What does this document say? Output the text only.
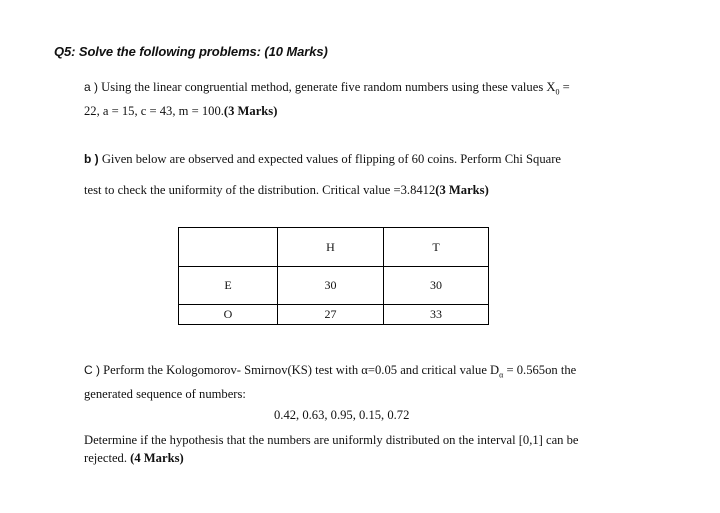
Q5: Solve the following problems: (10 Marks)
a ) Using the linear congruential method, generate five random numbers using these values $X_0$ =
22, a = 15, c = 43, m = 100.(3 Marks)
b ) Given below are observed and expected values of flipping of 60 coins. Perform Chi Square
test to check the uniformity of the distribution. Critical value =3.8412(3 Marks)
	H	T
E	30	30
O	27	33
C ) Perform the Kologomorov- Smirnov(KS) test with α=0.05 and critical value $D_\alpha = 0.565on$ the
generated sequence of numbers:
0.42, 0.63, 0.95, 0.15, 0.72
Determine if the hypothesis that the numbers are uniformly distributed on the interval [0,1] can be
rejected. (4 Marks)
